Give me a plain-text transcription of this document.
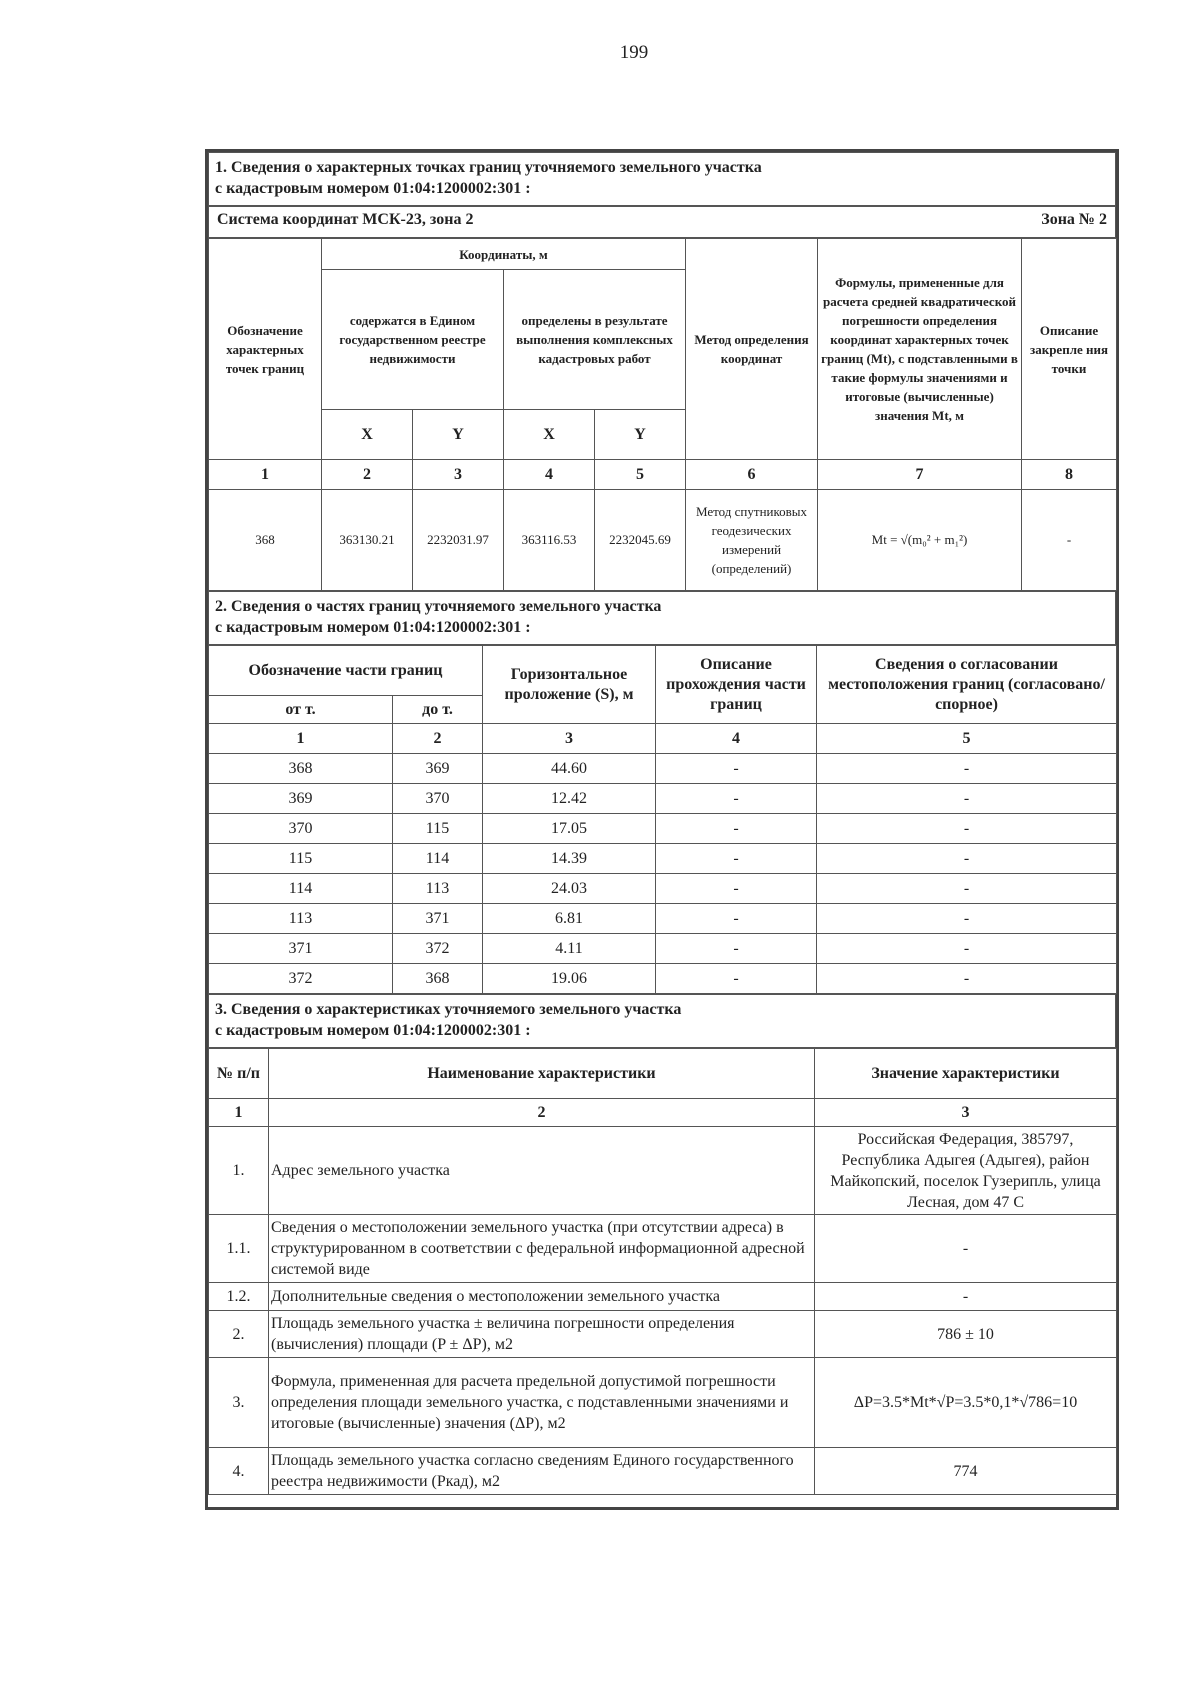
199
1. Сведения о характерных точках границ уточняемого земельного участка
с кадастровым номером 01:04:1200002:301 :
Система координат МСК-23, зона 2	Зона № 2
Обозначение характерных точек границ	Координаты, м				Метод определения координат	Формулы, примененные для расчета средней квадратической погрешности определения координат характерных точек границ (Mt), с подставленными в такие формулы значениями и итоговые (вычисленные) значения Mt, м	Описание закрепле ния точки
	содержатся в Едином государственном реестре недвижимости		определены в результате выполнения комплексных кадастровых работ				
	X	Y	X	Y			
1	2	3	4	5	6	7	8
368	363130.21	2232031.97	363116.53	2232045.69	Метод спутниковых геодезических измерений (определений)	Mt = √(m₀² + m₁²)	-
2. Сведения о частях границ уточняемого земельного участка
с кадастровым номером 01:04:1200002:301 :
Обозначение части границ		Горизонтальное проложение (S), м	Описание прохождения части границ	Сведения о согласовании местоположения границ (согласовано/спорное)
от т.	до т.			
1	2	3	4	5
368	369	44.60	-	-
369	370	12.42	-	-
370	115	17.05	-	-
115	114	14.39	-	-
114	113	24.03	-	-
113	371	6.81	-	-
371	372	4.11	-	-
372	368	19.06	-	-
3. Сведения о характеристиках уточняемого земельного участка
с кадастровым номером 01:04:1200002:301 :
№ п/п	Наименование характеристики	Значение характеристики
1	2	3
1.	Адрес земельного участка	Российская Федерация, 385797, Республика Адыгея (Адыгея), район Майкопский, поселок Гузерипль, улица Лесная, дом 47 С
1.1.	Сведения о местоположении земельного участка (при отсутствии адреса) в структурированном в соответствии с федеральной информационной адресной системой виде	-
1.2.	Дополнительные сведения о местоположении земельного участка	-
2.	Площадь земельного участка ± величина погрешности определения (вычисления) площади (P ± ΔP), м2	786 ± 10
3.	Формула, примененная для расчета предельной допустимой погрешности определения площади земельного участка, с подставленными значениями и итоговые (вычисленные) значения (ΔP), м2	ΔP=3.5*Mt*√P=3.5*0,1*√786=10
4.	Площадь земельного участка согласно сведениям Единого государственного реестра недвижимости (Pкад), м2	774
